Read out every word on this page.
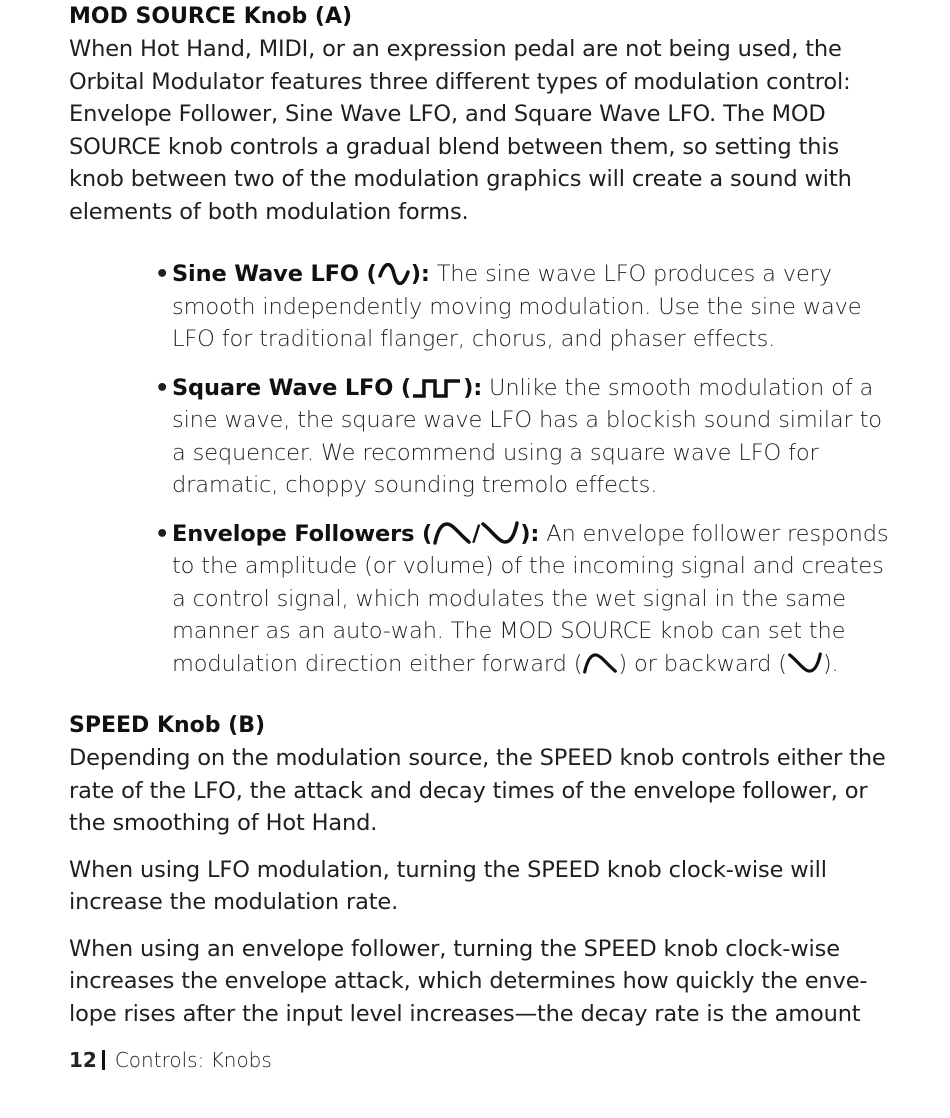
MOD SOURCE Knob (A)

When Hot Hand, MIDI, or an expression pedal are not being used, the Orbital Modulator features three different types of modulation control: Envelope Follower, Sine Wave LFO, and Square Wave LFO. The MOD SOURCE knob controls a gradual blend between them, so setting this knob between two of the modulation graphics will create a sound with elements of both modulation forms.

• Sine Wave LFO ( ): The sine wave LFO produces a very smooth independently moving modulation. Use the sine wave LFO for traditional flanger, chorus, and phaser effects.
• Square Wave LFO ( ): Unlike the smooth modulation of a sine wave, the square wave LFO has a blockish sound similar to a sequencer. We recommend using a square wave LFO for dramatic, choppy sounding tremolo effects.
• Envelope Followers ( / ): An envelope follower responds to the amplitude (or volume) of the incoming signal and creates a control signal, which modulates the wet signal in the same manner as an auto-wah. The MOD SOURCE knob can set the modulation direction either forward ( ) or backward ( ).
SPEED Knob (B)

Depending on the modulation source, the SPEED knob controls either the rate of the LFO, the attack and decay times of the envelope follower, or the smoothing of Hot Hand.

When using LFO modulation, turning the SPEED knob clock-wise will increase the modulation rate.

When using an envelope follower, turning the SPEED knob clock-wise increases the envelope attack, which determines how quickly the enve-lope rises after the input level increases—the decay rate is the amount

12 Controls: Knobs
